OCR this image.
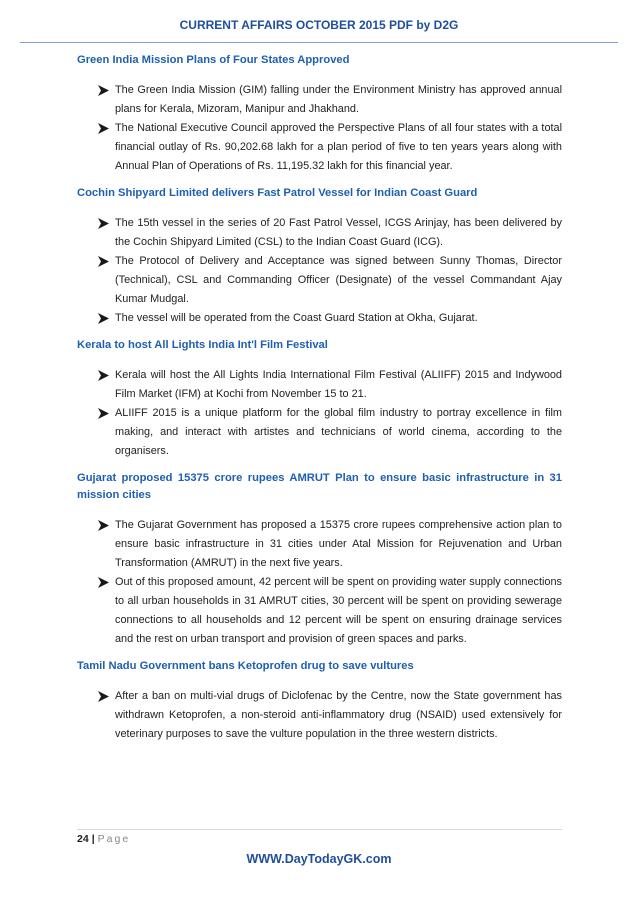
CURRENT AFFAIRS OCTOBER 2015 PDF by D2G
Green India Mission Plans of Four States Approved
The Green India Mission (GIM) falling under the Environment Ministry has approved annual plans for Kerala, Mizoram, Manipur and Jhakhand.
The National Executive Council approved the Perspective Plans of all four states with a total financial outlay of Rs. 90,202.68 lakh for a plan period of five to ten years years along with Annual Plan of Operations of Rs. 11,195.32 lakh for this financial year.
Cochin Shipyard Limited delivers Fast Patrol Vessel for Indian Coast Guard
The 15th vessel in the series of 20 Fast Patrol Vessel, ICGS Arinjay, has been delivered by the Cochin Shipyard Limited (CSL) to the Indian Coast Guard (ICG).
The Protocol of Delivery and Acceptance was signed between Sunny Thomas, Director (Technical), CSL and Commanding Officer (Designate) of the vessel Commandant Ajay Kumar Mudgal.
The vessel will be operated from the Coast Guard Station at Okha, Gujarat.
Kerala to host All Lights India Int'l Film Festival
Kerala will host the All Lights India International Film Festival (ALIIFF) 2015 and Indywood Film Market (IFM) at Kochi from November 15 to 21.
ALIIFF 2015 is a unique platform for the global film industry to portray excellence in film making, and interact with artistes and technicians of world cinema, according to the organisers.
Gujarat proposed 15375 crore rupees AMRUT Plan to ensure basic infrastructure in 31 mission cities
The Gujarat Government has proposed a 15375 crore rupees comprehensive action plan to ensure basic infrastructure in 31 cities under Atal Mission for Rejuvenation and Urban Transformation (AMRUT) in the next five years.
Out of this proposed amount, 42 percent will be spent on providing water supply connections to all urban households in 31 AMRUT cities, 30 percent will be spent on providing sewerage connections to all households and 12 percent will be spent on ensuring drainage services and the rest on urban transport and provision of green spaces and parks.
Tamil Nadu Government bans Ketoprofen drug to save vultures
After a ban on multi-vial drugs of Diclofenac by the Centre, now the State government has withdrawn Ketoprofen, a non-steroid anti-inflammatory drug (NSAID) used extensively for veterinary purposes to save the vulture population in the three western districts.
24 | Page
WWW.DayTodayGK.com
